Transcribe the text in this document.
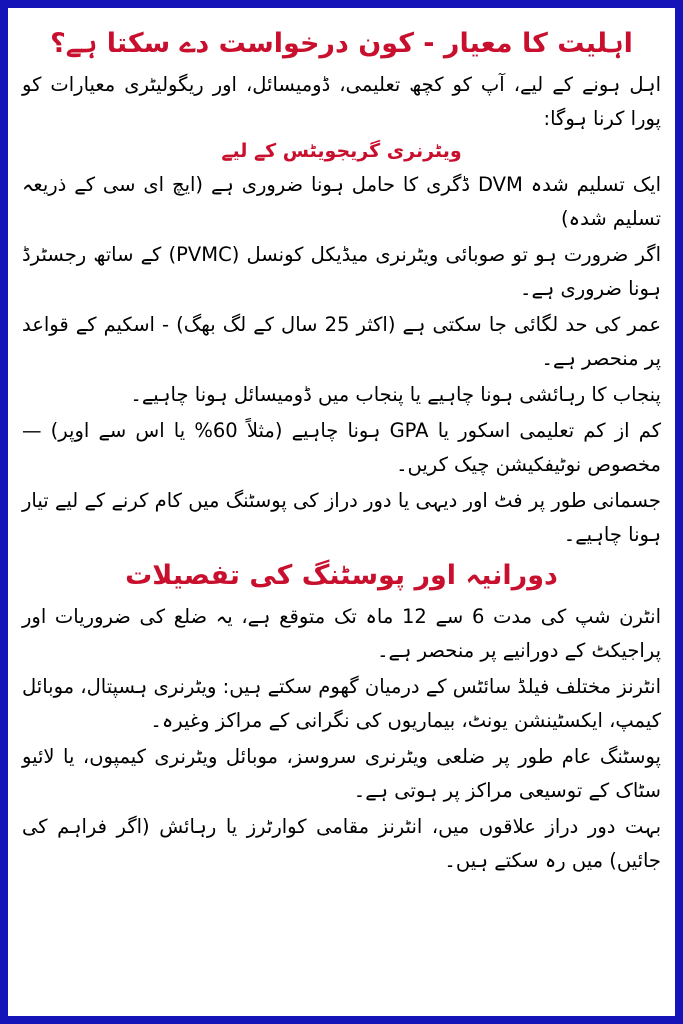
اہلیت کا معیار - کون درخواست دے سکتا ہے؟

اہل ہونے کے لیے، آپ کو کچھ تعلیمی، ڈومیسائل، اور ریگولیٹری معیارات کو پورا کرنا ہوگا:

ویٹرنری گریجویٹس کے لیے

ایک تسلیم شدہ DVM ڈگری کا حامل ہونا ضروری ہے (ایچ ای سی کے ذریعہ تسلیم شدہ)

اگر ضرورت ہو تو صوبائی ویٹرنری میڈیکل کونسل (PVMC) کے ساتھ رجسٹرڈ ہونا ضروری ہے۔

عمر کی حد لگائی جا سکتی ہے (اکثر 25 سال کے لگ بھگ) - اسکیم کے قواعد پر منحصر ہے۔

پنجاب کا رہائشی ہونا چاہیے یا پنجاب میں ڈومیسائل ہونا چاہیے۔

کم از کم تعلیمی اسکور یا GPA ہونا چاہیے (مثلاً 60% یا اس سے اوپر) — مخصوص نوٹیفکیشن چیک کریں۔

جسمانی طور پر فٹ اور دیہی یا دور دراز کی پوسٹنگ میں کام کرنے کے لیے تیار ہونا چاہیے۔

دورانیہ اور پوسٹنگ کی تفصیلات

انٹرن شپ کی مدت 6 سے 12 ماہ تک متوقع ہے، یہ ضلع کی ضروریات اور پراجیکٹ کے دورانیے پر منحصر ہے۔

انٹرنز مختلف فیلڈ سائٹس کے درمیان گھوم سکتے ہیں: ویٹرنری ہسپتال، موبائل کیمپ، ایکسٹینشن یونٹ، بیماریوں کی نگرانی کے مراکز وغیرہ۔

پوسٹنگ عام طور پر ضلعی ویٹرنری سروسز، موبائل ویٹرنری کیمپوں، یا لائیو سٹاک کے توسیعی مراکز پر ہوتی ہے۔

بہت دور دراز علاقوں میں، انٹرنز مقامی کوارٹرز یا رہائش (اگر فراہم کی جائیں) میں رہ سکتے ہیں۔
